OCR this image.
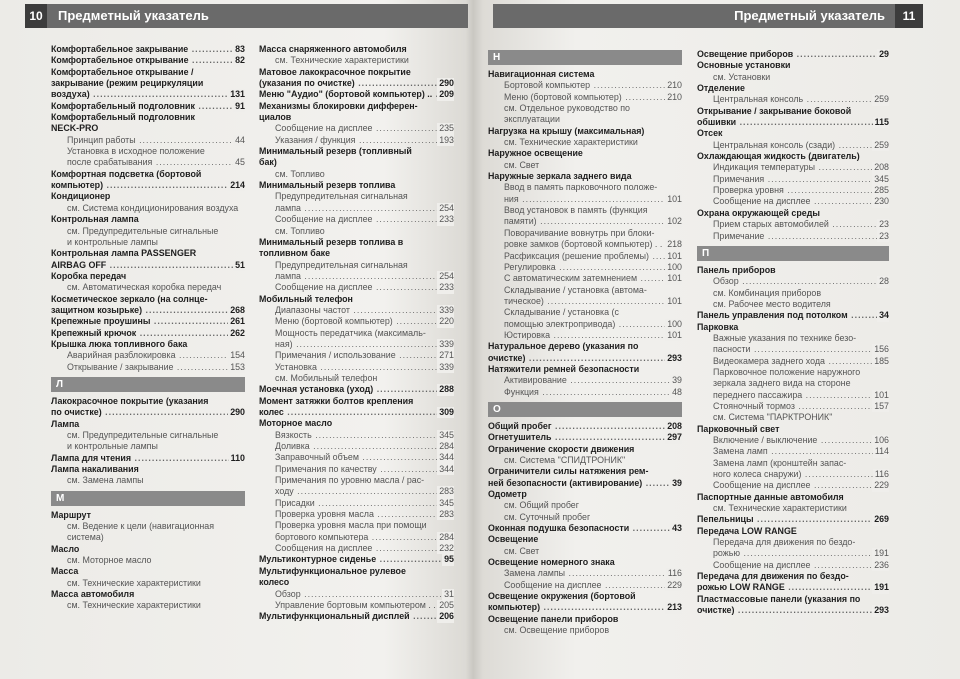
10	Предметный указатель	Предметный указатель	11
Комфортабельное закрывание .....	83
Комфортабельное открывание .....	82
Комфортабельное открывание /
закрывание (режим рециркуляции
воздуха) .....	131
Комфортабельный подголовник .....	91
Комфортабельный подголовник
NECK-PRO
Принцип работы .....	44
Установка в исходное положение
после срабатывания .....	45
Комфортная подсветка (бортовой
компьютер) .....	214
Кондиционер
см. Система кондиционирования воздуха
Контрольная лампа
см. Предупредительные сигнальные
и контрольные лампы
Контрольная лампа PASSENGER
AIRBAG OFF .....	51
Коробка передач
см. Автоматическая коробка передач
Косметическое зеркало (на солнце-
защитном козырьке) .....	268
Крепежные проушины .....	261
Крепежный крючок .....	262
Крышка люка топливного бака
Аварийная разблокировка .....	154
Открывание / закрывание .....	153
Л
Лакокрасочное покрытие (указания
по очистке) .....	290
Лампа
см. Предупредительные сигнальные
и контрольные лампы
Лампа для чтения .....	110
Лампа накаливания
см. Замена лампы
М
Маршрут
см. Ведение к цели (навигационная
система)
Масло
см. Моторное масло
Масса
см. Технические характеристики
Масса автомобиля
см. Технические характеристики
Масса снаряженного автомобиля
см. Технические характеристики
Матовое лакокрасочное покрытие
(указания по очистке) .....	290
Меню "Аудио" (бортовой компьютер) .. ..... 209
Механизмы блокировки дифферен-
циалов
Сообщение на дисплее .....	235
Указания / функция .....	193
Минимальный резерв (топливный
бак)
см. Топливо
Минимальный резерв топлива
Предупредительная сигнальная
лампа .....	254
Сообщение на дисплее .....	233
см. Топливо
Минимальный резерв топлива в
топливном баке
Предупредительная сигнальная
лампа .....	254
Сообщение на дисплее .....	233
Мобильный телефон
Диапазоны частот .....	339
Меню (бортовой компьютер) .....	220
Мощность передатчика (максималь-
ная) .....	339
Примечания / использование .....	271
Установка .....	339
см. Мобильный телефон
Моечная установка (уход) .....	288
Момент затяжки болтов крепления
колес .....	309
Моторное масло
Вязкость .....	345
Доливка .....	284
Заправочный объем .....	344
Примечания по качеству .....	344
Примечания по уровню масла / рас-
ходу .....	283
Присадки .....	345
Проверка уровня масла .....	283
Проверка уровня масла при помощи
бортового компьютера .....	284
Сообщения на дисплее .....	232
Мультиконтурное сиденье .....	95
Мультифункциональное рулевое
колесо
Обзор .....	31
Управление бортовым компьютером . . ..... 205
Мультифункциональный дисплей .....	206
Н
Навигационная система
Бортовой компьютер .....	210
Меню (бортовой компьютер) .....	210
см. Отдельное руководство по
эксплуатации
Нагрузка на крышу (максимальная)
см. Технические характеристики
Наружное освещение
см. Свет
Наружные зеркала заднего вида
Ввод в память парковочного положе-
ния .....	101
Ввод установок в память (функция
памяти) .....	102
Поворачивание вовнутрь при блоки-
ровке замков (бортовой компьютер) . . ..... 218
Расфиксация (решение проблемы) ..... 101
Регулировка .....	100
С автоматическим затемнением .....	101
Складывание / установка (автома-
тическое) .....	101
Складывание / установка (с
помощью электропривода) .....	100
Юстировка .....	101
Натуральное дерево (указания по
очистке) .....	293
Натяжители ремней безопасности
Активирование .....	39
Функция .....	48
О
Общий пробег .....	208
Огнетушитель .....	297
Ограничение скорости движения
см. Система "СПИДТРОНИК"
Ограничители силы натяжения рем-
ней безопасности (активирование) .....	39
Одометр
см. Общий пробег
см. Суточный пробег
Оконная подушка безопасности .....	43
Освещение
см. Свет
Освещение номерного знака
Замена лампы .....	116
Сообщение на дисплее .....	229
Освещение окружения (бортовой
компьютер) .....	213
Освещение панели приборов
см. Освещение приборов
Освещение приборов .....	29
Основные установки
см. Установки
Отделение
Центральная консоль .....	259
Открывание / закрывание боковой
обшивки .....	115
Отсек
Центральная консоль (сзади) .....	259
Охлаждающая жидкость (двигатель)
Индикация температуры .....	208
Примечания .....	345
Проверка уровня .....	285
Сообщение на дисплее .....	230
Охрана окружающей среды
Прием старых автомобилей .....	23
Примечание .....	23
П
Панель приборов
Обзор .....	28
см. Комбинация приборов
см. Рабочее место водителя
Панель управления под потолком .....	34
Парковка
Важные указания по технике безо-
пасности .....	156
Видеокамера заднего хода .....	185
Парковочное положение наружного
зеркала заднего вида на стороне
переднего пассажира .....	101
Стояночный тормоз .....	157
см. Система "ПАРКТРОНИК"
Парковочный свет
Включение / выключение .....	106
Замена ламп .....	114
Замена ламп (кронштейн запас-
ного колеса снаружи) .....	116
Сообщение на дисплее .....	229
Паспортные данные автомобиля
см. Технические характеристики
Пепельницы .....	269
Передача LOW RANGE
Передача для движения по бездо-
рожью .....	191
Сообщение на дисплее .....	236
Передача для движения по бездо-
рожью LOW RANGE .....	191
Пластмассовые панели (указания по
очистке) .....	293
